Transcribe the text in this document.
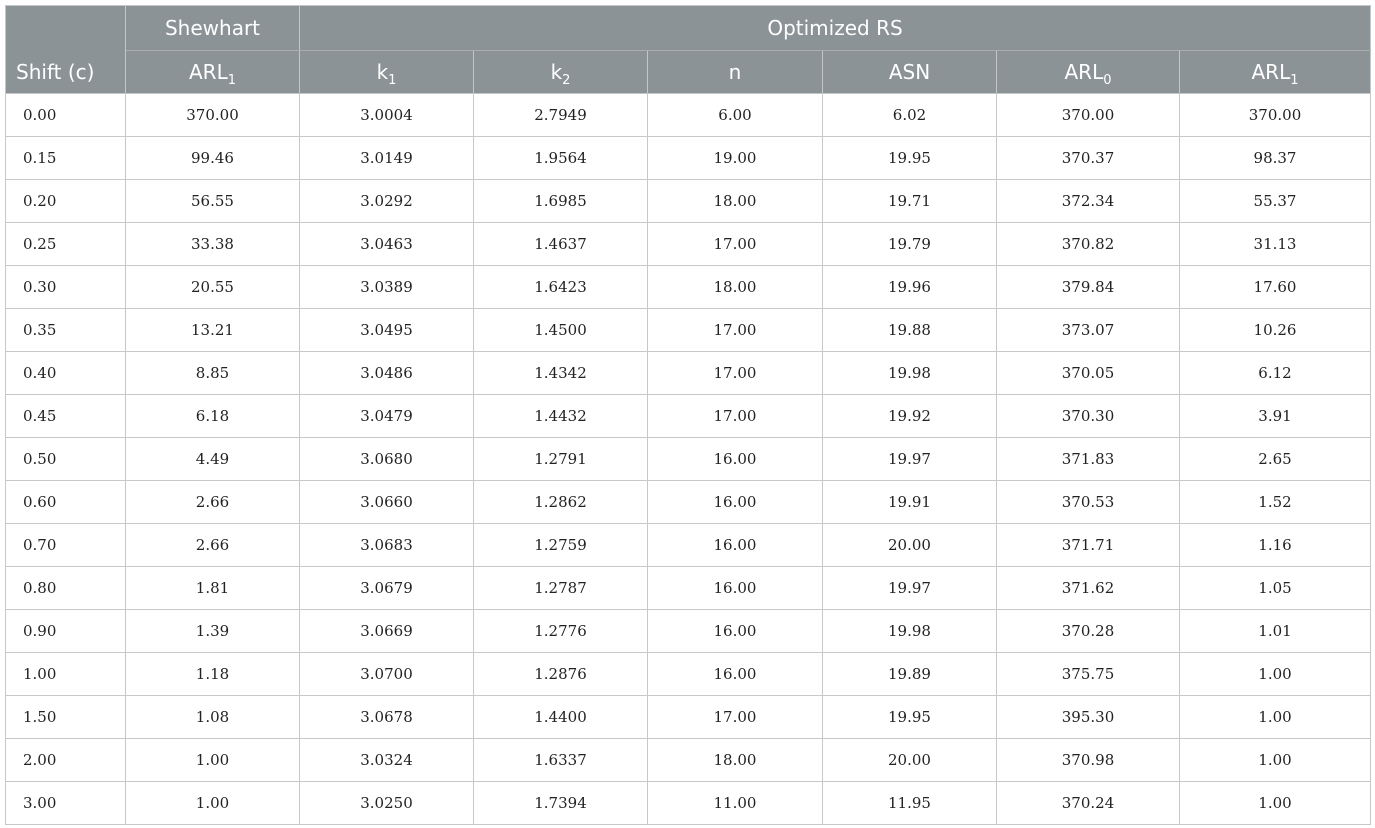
Shift (c)	Shewhart	Optimized RS					
	$ARL_1$	$k_1$	$k_2$	n	ASN	$ARL_0$	$ARL_1$
0.00	370.00	3.0004	2.7949	6.00	6.02	370.00	370.00
0.15	99.46	3.0149	1.9564	19.00	19.95	370.37	98.37
0.20	56.55	3.0292	1.6985	18.00	19.71	372.34	55.37
0.25	33.38	3.0463	1.4637	17.00	19.79	370.82	31.13
0.30	20.55	3.0389	1.6423	18.00	19.96	379.84	17.60
0.35	13.21	3.0495	1.4500	17.00	19.88	373.07	10.26
0.40	8.85	3.0486	1.4342	17.00	19.98	370.05	6.12
0.45	6.18	3.0479	1.4432	17.00	19.92	370.30	3.91
0.50	4.49	3.0680	1.2791	16.00	19.97	371.83	2.65
0.60	2.66	3.0660	1.2862	16.00	19.91	370.53	1.52
0.70	2.66	3.0683	1.2759	16.00	20.00	371.71	1.16
0.80	1.81	3.0679	1.2787	16.00	19.97	371.62	1.05
0.90	1.39	3.0669	1.2776	16.00	19.98	370.28	1.01
1.00	1.18	3.0700	1.2876	16.00	19.89	375.75	1.00
1.50	1.08	3.0678	1.4400	17.00	19.95	395.30	1.00
2.00	1.00	3.0324	1.6337	18.00	20.00	370.98	1.00
3.00	1.00	3.0250	1.7394	11.00	11.95	370.24	1.00
